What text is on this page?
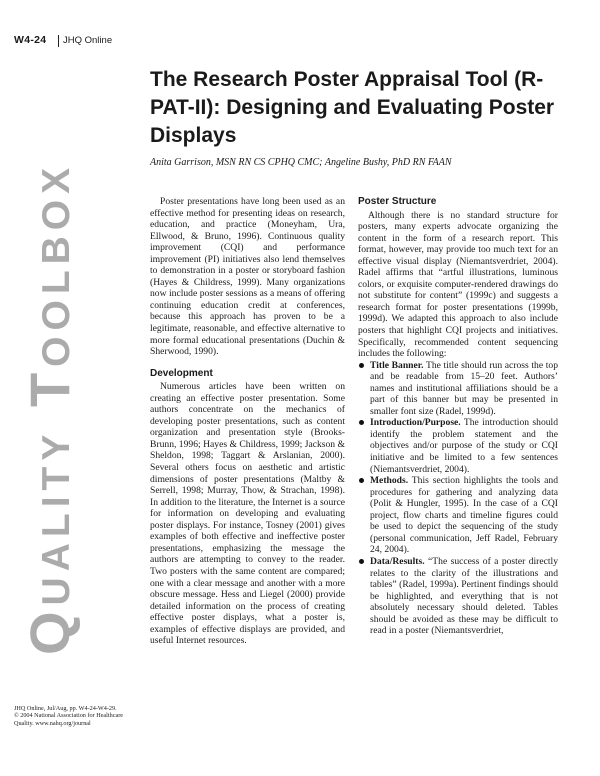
W4-24 JHQ Online
Quality Toolbox
The Research Poster Appraisal Tool (R-PAT-II): Designing and Evaluating Poster Displays
Anita Garrison, MSN RN CS CPHQ CMC; Angeline Bushy, PhD RN FAAN

Poster presentations have long been used as an effective method for presenting ideas on research, education, and practice (Moneyham, Ura, Ellwood, & Bruno, 1996). Continuous quality improvement (CQI) and performance improvement (PI) initiatives also lend themselves to demonstration in a poster or storyboard fashion (Hayes & Childress, 1999). Many organizations now include poster sessions as a means of offering continuing education credit at conferences, because this approach has proven to be a legitimate, reasonable, and effective alternative to more formal educational presentations (Duchin & Sherwood, 1990).

Development

Numerous articles have been written on creating an effective poster presentation. Some authors concentrate on the mechanics of developing poster presentations, such as content organization and presentation style (Brooks-Brunn, 1996; Hayes & Childress, 1999; Jackson & Sheldon, 1998; Taggart & Arslanian, 2000). Several others focus on aesthetic and artistic dimensions of poster presentations (Maltby & Serrell, 1998; Murray, Thow, & Strachan, 1998). In addition to the literature, the Internet is a source for information on developing and evaluating poster displays. For instance, Tosney (2001) gives examples of both effective and ineffective poster presentations, emphasizing the message the authors are attempting to convey to the reader. Two posters with the same content are compared; one with a clear message and another with a more obscure message. Hess and Liegel (2000) provide detailed information on the process of creating effective poster displays, what a poster is, examples of effective displays are provided, and useful Internet resources.

Poster Structure

Although there is no standard structure for posters, many experts advocate organizing the content in the form of a research report. This format, however, may provide too much text for an effective visual display (Niemantsverdriet, 2004). Radel affirms that “artful illustrations, luminous colors, or exquisite computer-rendered drawings do not substitute for content” (1999c) and suggests a research format for poster presentations (1999b, 1999d). We adapted this approach to also include posters that highlight CQI projects and initiatives. Specifically, recommended content sequencing includes the following:

Title Banner. The title should run across the top and be readable from 15–20 feet. Authors’ names and institutional affiliations should be a part of this banner but may be presented in smaller font size (Radel, 1999d).
Introduction/Purpose. The introduction should identify the problem statement and the objectives and/or purpose of the study or CQI initiative and be limited to a few sentences (Niemantsverdriet, 2004).
Methods. This section highlights the tools and procedures for gathering and analyzing data (Polit & Hungler, 1995). In the case of a CQI project, flow charts and timeline figures could be used to depict the sequencing of the study (personal communication, Jeff Radel, February 24, 2004).
Data/Results. “The success of a poster directly relates to the clarity of the illustrations and tables” (Radel, 1999a). Pertinent findings should be highlighted, and everything that is not absolutely necessary should deleted. Tables should be avoided as these may be difficult to read in a poster (Niemantsverdriet,
JHQ Online, Jul/Aug, pp. W4-24-W4-29.
© 2004 National Association for Healthcare
Quality. www.nahq.org/journal
